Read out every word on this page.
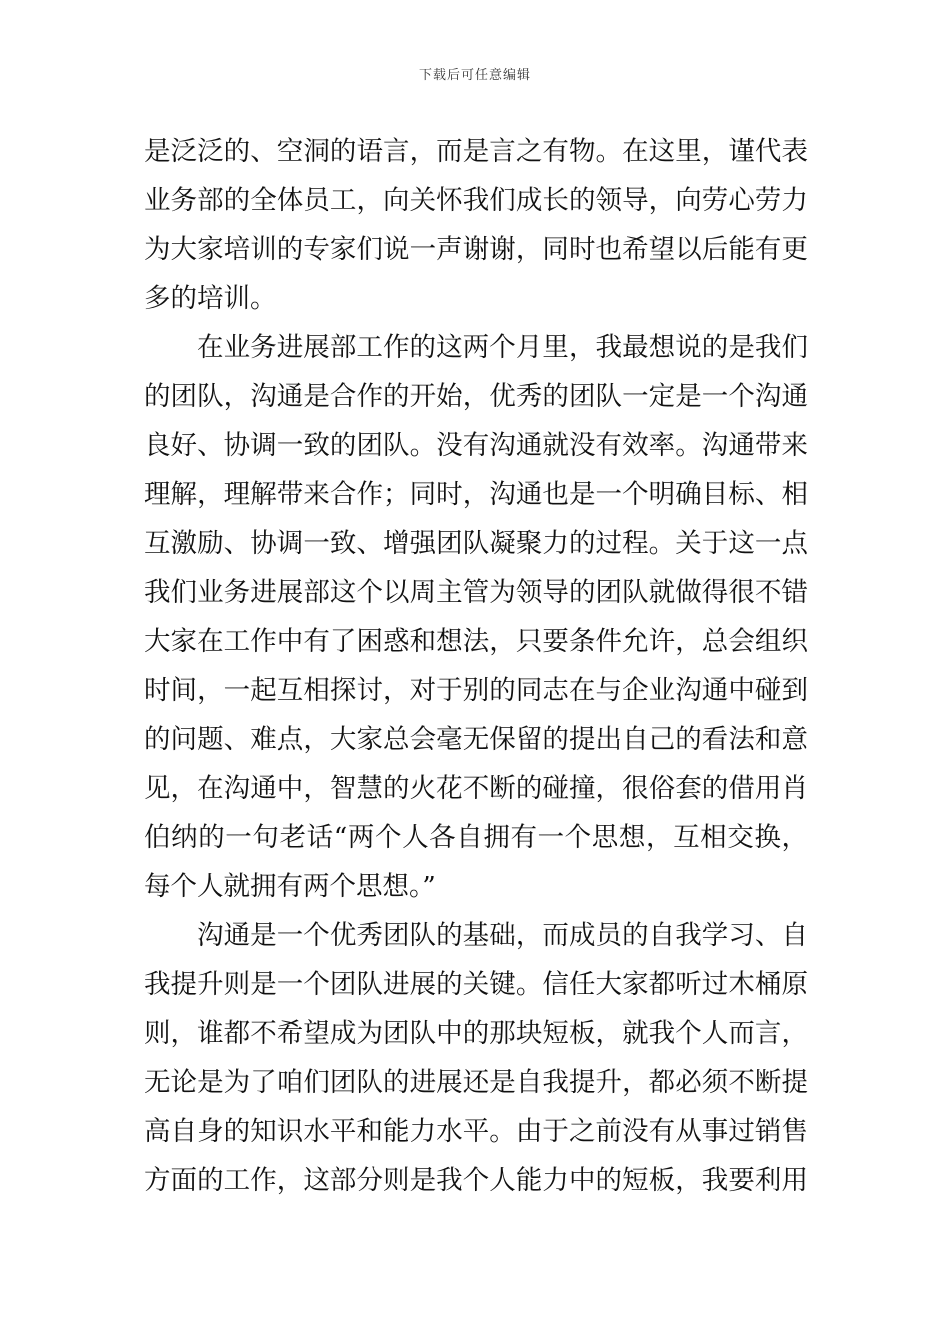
下载后可任意编辑
是泛泛的、空洞的语言，而是言之有物。在这里，谨代表
业务部的全体员工，向关怀我们成长的领导，向劳心劳力
为大家培训的专家们说一声谢谢，同时也希望以后能有更
多的培训。
在业务进展部工作的这两个月里，我最想说的是我们
的团队，沟通是合作的开始，优秀的团队一定是一个沟通
良好、协调一致的团队。没有沟通就没有效率。沟通带来
理解，理解带来合作；同时，沟通也是一个明确目标、相
互激励、协调一致、增强团队凝聚力的过程。关于这一点
我们业务进展部这个以周主管为领导的团队就做得很不错
大家在工作中有了困惑和想法，只要条件允许，总会组织
时间，一起互相探讨，对于别的同志在与企业沟通中碰到
的问题、难点，大家总会毫无保留的提出自己的看法和意
见，在沟通中，智慧的火花不断的碰撞，很俗套的借用肖
伯纳的一句老话“两个人各自拥有一个思想，互相交换，
每个人就拥有两个思想。”
沟通是一个优秀团队的基础，而成员的自我学习、自
我提升则是一个团队进展的关键。信任大家都听过木桶原
则，谁都不希望成为团队中的那块短板，就我个人而言，
无论是为了咱们团队的进展还是自我提升，都必须不断提
高自身的知识水平和能力水平。由于之前没有从事过销售
方面的工作，这部分则是我个人能力中的短板，我要利用
